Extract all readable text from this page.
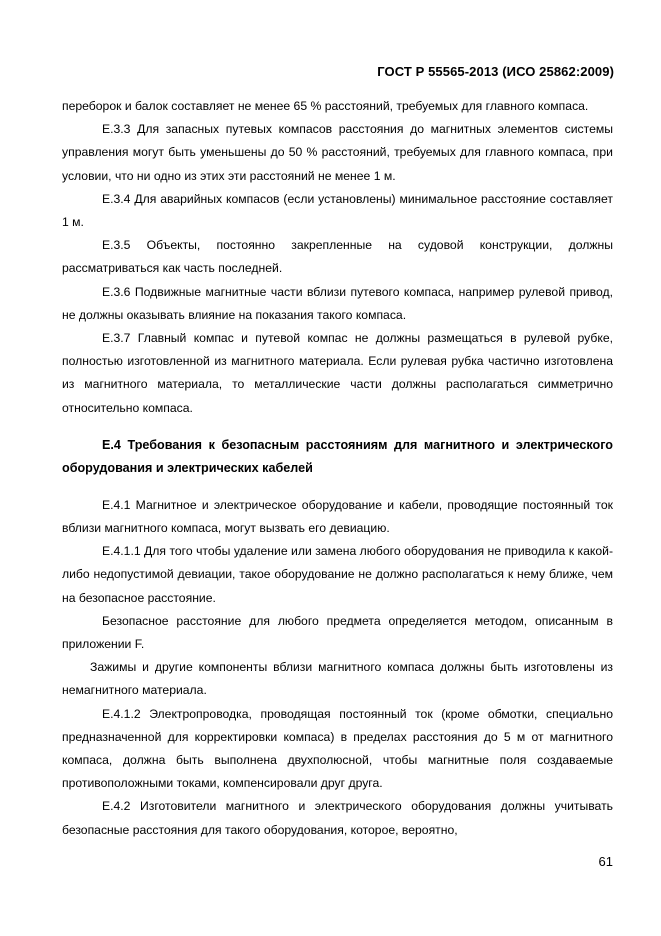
ГОСТ Р 55565-2013 (ИСО 25862:2009)

переборок и балок составляет не менее 65 % расстояний, требуемых для главного компаса.

Е.3.3 Для запасных путевых компасов расстояния до магнитных элементов системы управления могут быть уменьшены до 50 % расстояний, требуемых для главного компаса, при условии, что ни одно из этих эти расстояний не менее 1 м.

Е.3.4 Для аварийных компасов (если установлены) минимальное расстояние составляет 1 м.

Е.3.5 Объекты, постоянно закрепленные на судовой конструкции, должны рассматриваться как часть последней.

Е.3.6 Подвижные магнитные части вблизи путевого компаса, например рулевой привод, не должны оказывать влияние на показания такого компаса.

Е.3.7 Главный компас и путевой компас не должны размещаться в рулевой рубке, полностью изготовленной из магнитного материала. Если рулевая рубка частично изготовлена из магнитного материала, то металлические части должны располагаться симметрично относительно компаса.

Е.4 Требования к безопасным расстояниям для магнитного и электрического оборудования и электрических кабелей

Е.4.1 Магнитное и электрическое оборудование и кабели, проводящие постоянный ток вблизи магнитного компаса, могут вызвать его девиацию.

Е.4.1.1 Для того чтобы удаление или замена любого оборудования не приводила к какой-либо недопустимой девиации, такое оборудование не должно располагаться к нему ближе, чем на безопасное расстояние.

Безопасное расстояние для любого предмета определяется методом, описанным в приложении F.

Зажимы и другие компоненты вблизи магнитного компаса должны быть изготовлены из немагнитного материала.

Е.4.1.2 Электропроводка, проводящая постоянный ток (кроме обмотки, специально предназначенной для корректировки компаса) в пределах расстояния до 5 м от магнитного компаса, должна быть выполнена двухполюсной, чтобы магнитные поля создаваемые противоположными токами, компенсировали друг друга.

Е.4.2 Изготовители магнитного и электрического оборудования должны учитывать безопасные расстояния для такого оборудования, которое, вероятно,

61
